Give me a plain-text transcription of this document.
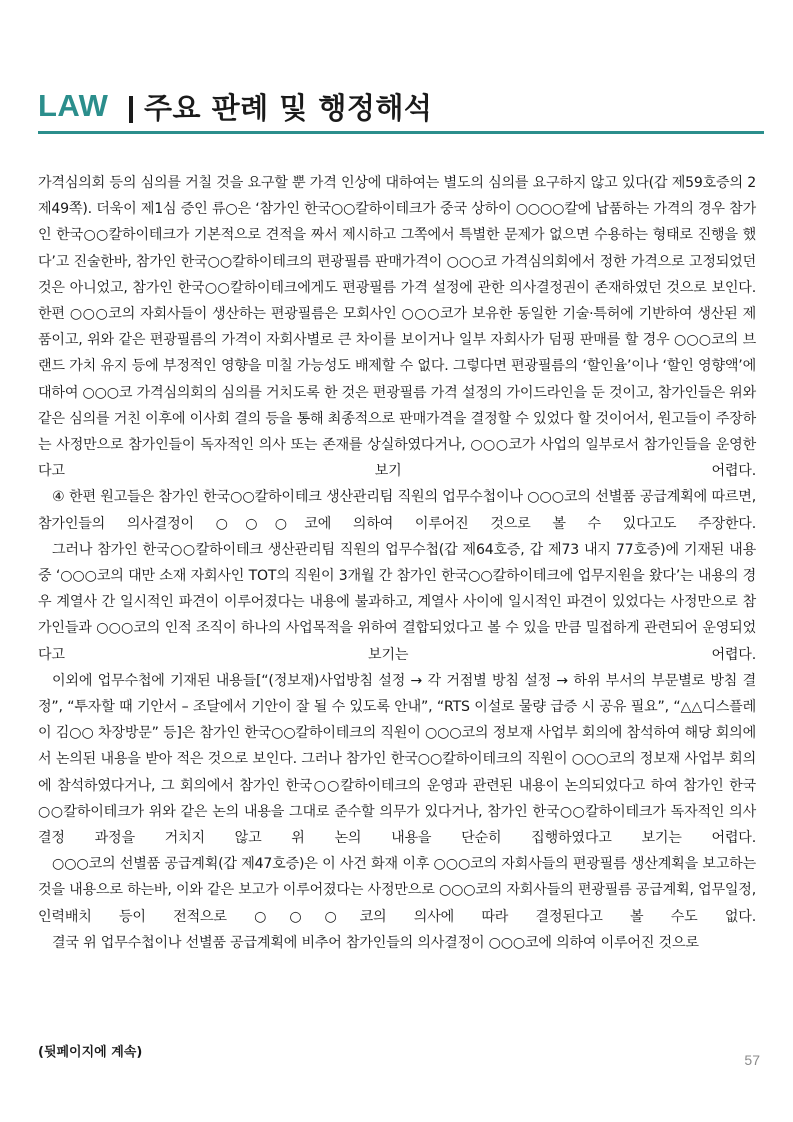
LAW 주요 판례 및 행정해석

가격심의회 등의 심의를 거칠 것을 요구할 뿐 가격 인상에 대하여는 별도의 심의를 요구하지 않고 있다(갑 제59호증의 2 제49쪽). 더욱이 제1심 증인 류○은 ‘참가인 한국○○칼하이테크가 중국 상하이 ○○○○칼에 납품하는 가격의 경우 참가인 한국○○칼하이테크가 기본적으로 견적을 짜서 제시하고 그쪽에서 특별한 문제가 없으면 수용하는 형태로 진행을 했다’고 진술한바, 참가인 한국○○칼하이테크의 편광필름 판매가격이 ○○○코 가격심의회에서 정한 가격으로 고정되었던 것은 아니었고, 참가인 한국○○칼하이테크에게도 편광필름 가격 설정에 관한 의사결정권이 존재하였던 것으로 보인다. 한편 ○○○코의 자회사들이 생산하는 편광필름은 모회사인 ○○○코가 보유한 동일한 기술·특허에 기반하여 생산된 제품이고, 위와 같은 편광필름의 가격이 자회사별로 큰 차이를 보이거나 일부 자회사가 덤핑 판매를 할 경우 ○○○코의 브랜드 가치 유지 등에 부정적인 영향을 미칠 가능성도 배제할 수 없다. 그렇다면 편광필름의 ‘할인율’이나 ‘할인 영향액’에 대하여 ○○○코 가격심의회의 심의를 거치도록 한 것은 편광필름 가격 설정의 가이드라인을 둔 것이고, 참가인들은 위와 같은 심의를 거친 이후에 이사회 결의 등을 통해 최종적으로 판매가격을 결정할 수 있었다 할 것이어서, 원고들이 주장하는 사정만으로 참가인들이 독자적인 의사 또는 존재를 상실하였다거나, ○○○코가 사업의 일부로서 참가인들을 운영한다고 보기 어렵다.

④ 한편 원고들은 참가인 한국○○칼하이테크 생산관리팀 직원의 업무수첩이나 ○○○코의 선별품 공급계획에 따르면, 참가인들의 의사결정이 ○○○코에 의하여 이루어진 것으로 볼 수 있다고도 주장한다.

그러나 참가인 한국○○칼하이테크 생산관리팀 직원의 업무수첩(갑 제64호증, 갑 제73 내지 77호증)에 기재된 내용 중 ‘○○○코의 대만 소재 자회사인 TOT의 직원이 3개월 간 참가인 한국○○칼하이테크에 업무지원을 왔다’는 내용의 경우 계열사 간 일시적인 파견이 이루어졌다는 내용에 불과하고, 계열사 사이에 일시적인 파견이 있었다는 사정만으로 참가인들과 ○○○코의 인적 조직이 하나의 사업목적을 위하여 결합되었다고 볼 수 있을 만큼 밀접하게 관련되어 운영되었다고 보기는 어렵다.

이외에 업무수첩에 기재된 내용들[“(정보재)사업방침 설정 → 각 거점별 방침 설정 → 하위 부서의 부문별로 방침 결정”, “투자할 때 기안서 – 조달에서 기안이 잘 될 수 있도록 안내”, “RTS 이설로 물량 급증 시 공유 필요”, “△△디스플레이 김○○ 차장방문” 등]은 참가인 한국○○칼하이테크의 직원이 ○○○코의 정보재 사업부 회의에 참석하여 해당 회의에서 논의된 내용을 받아 적은 것으로 보인다. 그러나 참가인 한국○○칼하이테크의 직원이 ○○○코의 정보재 사업부 회의에 참석하였다거나, 그 회의에서 참가인 한국○○칼하이테크의 운영과 관련된 내용이 논의되었다고 하여 참가인 한국○○칼하이테크가 위와 같은 논의 내용을 그대로 준수할 의무가 있다거나, 참가인 한국○○칼하이테크가 독자적인 의사결정 과정을 거치지 않고 위 논의 내용을 단순히 집행하였다고 보기는 어렵다.

○○○코의 선별품 공급계획(갑 제47호증)은 이 사건 화재 이후 ○○○코의 자회사들의 편광필름 생산계획을 보고하는 것을 내용으로 하는바, 이와 같은 보고가 이루어졌다는 사정만으로 ○○○코의 자회사들의 편광필름 공급계획, 업무일정, 인력배치 등이 전적으로 ○○○코의 의사에 따라 결정된다고 볼 수도 없다.

결국 위 업무수첩이나 선별품 공급계획에 비추어 참가인들의 의사결정이 ○○○코에 의하여 이루어진 것으로

(뒷페이지에 계속)	57
